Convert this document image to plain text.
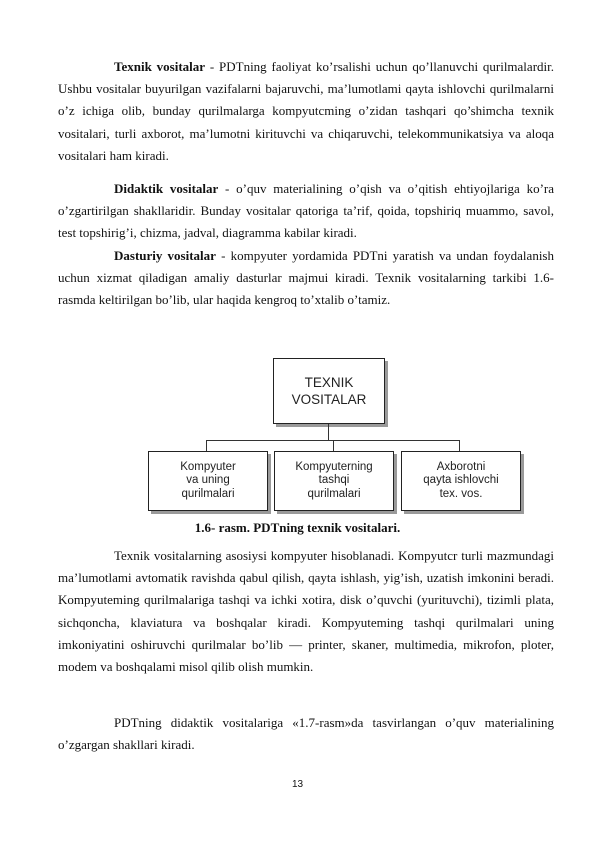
Texnik vositalar - PDTning faoliyat ko’rsalishi uchun qo’llanuvchi qurilmalardir. Ushbu vositalar buyurilgan vazifalarni bajaruvchi, ma’lumotlami qayta ishlovchi qurilmalarni o’z ichiga olib, bunday qurilmalarga kompyutcming o’zidan tashqari qo’shimcha texnik vositalari, turli axborot, ma’lumotni kirituvchi va chiqaruvchi, telekommunikatsiya va aloqa vositalari ham kiradi.

Didaktik vositalar - o’quv materialining o’qish va o’qitish ehtiyojlariga ko’ra o’zgartirilgan shakllaridir. Bunday vositalar qatoriga ta’rif, qoida, topshiriq muammo, savol, test topshirig’i, chizma, jadval, diagramma kabilar kiradi.

Dasturiy vositalar - kompyuter yordamida PDTni yaratish va undan foydalanish uchun xizmat qiladigan amaliy dasturlar majmui kiradi. Texnik vositalarning tarkibi 1.6-rasmda keltirilgan bo’lib, ular haqida kengroq to’xtalib o’tamiz.

TEXNIK
VOSITALAR
Kompyuter
va uning
qurilmalari
Kompyuterning
tashqi
qurilmalari
Axborotni
qayta ishlovchi
tex. vos.
1.6- rasm. PDTning texnik vositalari.

Texnik vositalarning asosiysi kompyuter hisoblanadi. Kompyutcr turli mazmundagi ma’lumotlami avtomatik ravishda qabul qilish, qayta ishlash, yig’ish, uzatish imkonini beradi. Kompyuteming qurilmalariga tashqi va ichki xotira, disk o’quvchi (yurituvchi), tizimli plata, sichqoncha, klaviatura va boshqalar kiradi. Kompyuteming tashqi qurilmalari uning imkoniyatini oshiruvchi qurilmalar bo’lib — printer, skaner, multimedia, mikrofon, ploter, modem va boshqalami misol qilib olish mumkin.

PDTning didaktik vositalariga «1.7-rasm»da tasvirlangan o’quv materialining o’zgargan shakllari kiradi.

13
